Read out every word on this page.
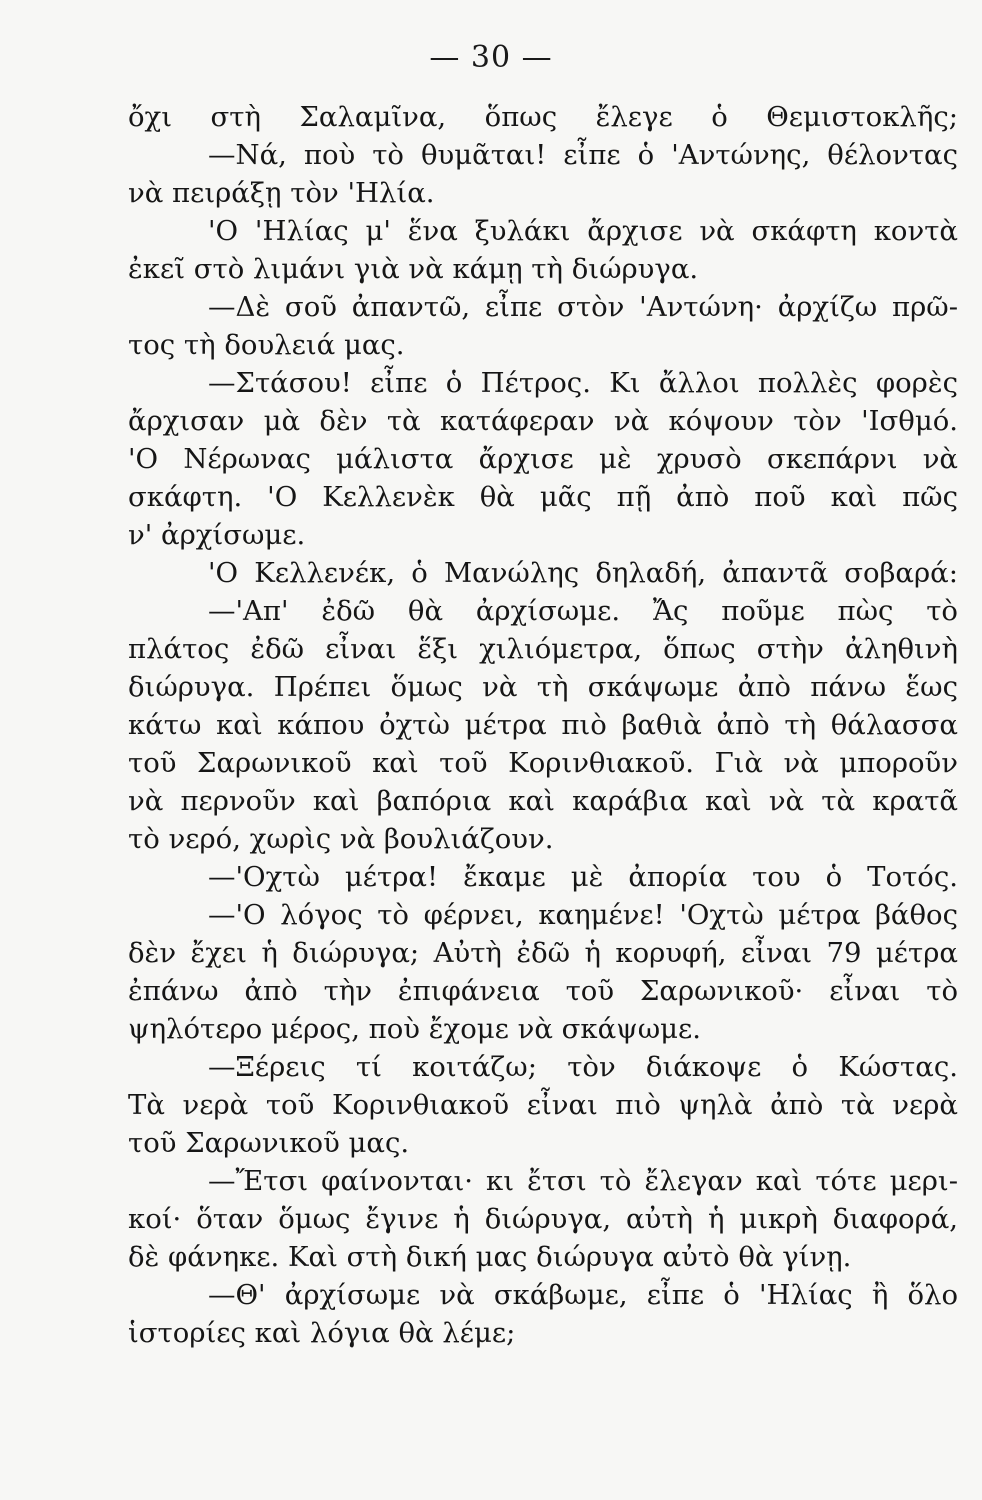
— 30 —
ὄχι στὴ Σαλαμῖνα, ὅπως ἔλεγε ὁ Θεμιστοκλῆς;
—Νά, ποὺ τὸ θυμᾶται! εἶπε ὁ 'Αντώνης, θέλοντας
νὰ πειράξῃ τὸν 'Ηλία.
'Ο 'Ηλίας μ' ἕνα ξυλάκι ἄρχισε νὰ σκάφτη κοντὰ
ἐκεῖ στὸ λιμάνι γιὰ νὰ κάμῃ τὴ διώρυγα.
—Δὲ σοῦ ἀπαντῶ, εἶπε στὸν 'Αντώνη· ἀρχίζω πρῶ-
τος τὴ δουλειά μας.
—Στάσου! εἶπε ὁ Πέτρος. Κι ἄλλοι πολλὲς φορὲς
ἄρχισαν μὰ δὲν τὰ κατάφεραν νὰ κόψουν τὸν 'Ισθμό.
'Ο Νέρωνας μάλιστα ἄρχισε μὲ χρυσὸ σκεπάρνι νὰ
σκάφτη. 'Ο Κελλενὲκ θὰ μᾶς πῇ ἀπὸ ποῦ καὶ πῶς
ν' ἀρχίσωμε.
'Ο Κελλενέκ, ὁ Μανώλης δηλαδή, ἀπαντᾶ σοβαρά:
—'Απ' ἐδῶ θὰ ἀρχίσωμε. Ἄς ποῦμε πὼς τὸ
πλάτος ἐδῶ εἶναι ἕξι χιλιόμετρα, ὅπως στὴν ἀληθινὴ
διώρυγα. Πρέπει ὅμως νὰ τὴ σκάψωμε ἀπὸ πάνω ἕως
κάτω καὶ κάπου ὀχτὼ μέτρα πιὸ βαθιὰ ἀπὸ τὴ θάλασσα
τοῦ Σαρωνικοῦ καὶ τοῦ Κορινθιακοῦ. Γιὰ νὰ μποροῦν
νὰ περνοῦν καὶ βαπόρια καὶ καράβια καὶ νὰ τὰ κρατᾶ
τὸ νερό, χωρὶς νὰ βουλιάζουν.
—'Οχτὼ μέτρα! ἔκαμε μὲ ἀπορία του ὁ Τοτός.
—'Ο λόγος τὸ φέρνει, καημένε! 'Οχτὼ μέτρα βάθος
δὲν ἔχει ἡ διώρυγα; Αὐτὴ ἐδῶ ἡ κορυφή, εἶναι 79 μέτρα
ἐπάνω ἀπὸ τὴν ἐπιφάνεια τοῦ Σαρωνικοῦ· εἶναι τὸ
ψηλότερο μέρος, ποὺ ἔχομε νὰ σκάψωμε.
—Ξέρεις τί κοιτάζω; τὸν διάκοψε ὁ Κώστας.
Τὰ νερὰ τοῦ Κορινθιακοῦ εἶναι πιὸ ψηλὰ ἀπὸ τὰ νερὰ
τοῦ Σαρωνικοῦ μας.
—Ἔτσι φαίνονται· κι ἔτσι τὸ ἔλεγαν καὶ τότε μερι-
κοί· ὅταν ὅμως ἔγινε ἡ διώρυγα, αὐτὴ ἡ μικρὴ διαφορά,
δὲ φάνηκε. Καὶ στὴ δική μας διώρυγα αὐτὸ θὰ γίνῃ.
—Θ' ἀρχίσωμε νὰ σκάβωμε, εἶπε ὁ 'Ηλίας ἢ ὅλο
ἱστορίες καὶ λόγια θὰ λέμε;
